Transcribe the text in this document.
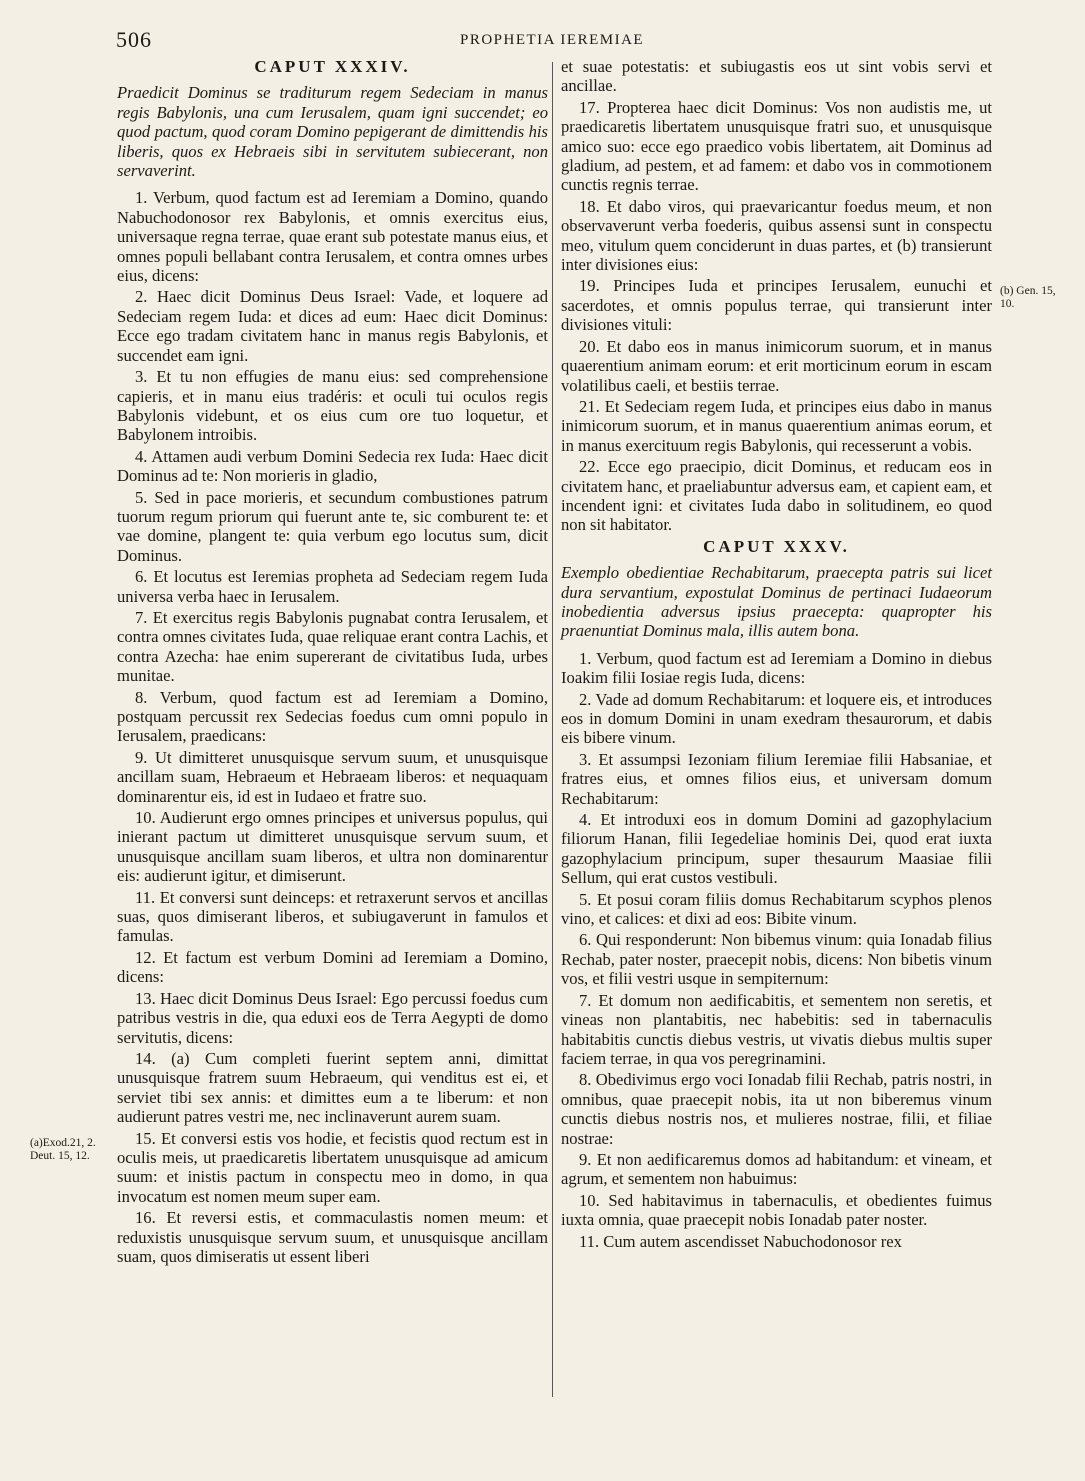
506	PROPHETIA IEREMIAE
CAPUT XXXIV.

Praedicit Dominus se traditurum regem Sedeciam in manus regis Babylonis, una cum Ierusalem, quam igni succendet; eo quod pactum, quod coram Domino pepigerant de dimittendis his liberis, quos ex Hebraeis sibi in servitutem subiecerant, non servaverint.

1. Verbum, quod factum est ad Ieremiam a Domino, quando Nabuchodonosor rex Babylonis, et omnis exercitus eius, universaque regna terrae, quae erant sub potestate manus eius, et omnes populi bellabant contra Ierusalem, et contra omnes urbes eius, dicens:

2. Haec dicit Dominus Deus Israel: Vade, et loquere ad Sedeciam regem Iuda: et dices ad eum: Haec dicit Dominus: Ecce ego tradam civitatem hanc in manus regis Babylonis, et succendet eam igni.

3. Et tu non effugies de manu eius: sed comprehensione capieris, et in manu eius tradéris: et oculi tui oculos regis Babylonis videbunt, et os eius cum ore tuo loquetur, et Babylonem introibis.

4. Attamen audi verbum Domini Sedecia rex Iuda: Haec dicit Dominus ad te: Non morieris in gladio,

5. Sed in pace morieris, et secundum combustiones patrum tuorum regum priorum qui fuerunt ante te, sic comburent te: et vae domine, plangent te: quia verbum ego locutus sum, dicit Dominus.

6. Et locutus est Ieremias propheta ad Sedeciam regem Iuda universa verba haec in Ierusalem.

7. Et exercitus regis Babylonis pugnabat contra Ierusalem, et contra omnes civitates Iuda, quae reliquae erant contra Lachis, et contra Azecha: hae enim supererant de civitatibus Iuda, urbes munitae.

8. Verbum, quod factum est ad Ieremiam a Domino, postquam percussit rex Sedecias foedus cum omni populo in Ierusalem, praedicans:

9. Ut dimitteret unusquisque servum suum, et unusquisque ancillam suam, Hebraeum et Hebraeam liberos: et nequaquam dominarentur eis, id est in Iudaeo et fratre suo.

10. Audierunt ergo omnes principes et universus populus, qui inierant pactum ut dimitteret unusquisque servum suum, et unusquisque ancillam suam liberos, et ultra non dominarentur eis: audierunt igitur, et dimiserunt.

11. Et conversi sunt deinceps: et retraxerunt servos et ancillas suas, quos dimiserant liberos, et subiugaverunt in famulos et famulas.

12. Et factum est verbum Domini ad Ieremiam a Domino, dicens:

13. Haec dicit Dominus Deus Israel: Ego percussi foedus cum patribus vestris in die, qua eduxi eos de Terra Aegypti de domo servitutis, dicens:

14. (a) Cum completi fuerint septem anni, dimittat unusquisque fratrem suum Hebraeum, qui venditus est ei, et serviet tibi sex annis: et dimittes eum a te liberum: et non audierunt patres vestri me, nec inclinaverunt aurem suam.

15. Et conversi estis vos hodie, et fecistis quod rectum est in oculis meis, ut praedicaretis libertatem unusquisque ad amicum suum: et inistis pactum in conspectu meo in domo, in qua invocatum est nomen meum super eam.

16. Et reversi estis, et commaculastis nomen meum: et reduxistis unusquisque servum suum, et unusquisque ancillam suam, quos dimiseratis ut essent liberi

et suae potestatis: et subiugastis eos ut sint vobis servi et ancillae.

17. Propterea haec dicit Dominus: Vos non audistis me, ut praedicaretis libertatem unusquisque fratri suo, et unusquisque amico suo: ecce ego praedico vobis libertatem, ait Dominus ad gladium, ad pestem, et ad famem: et dabo vos in commotionem cunctis regnis terrae.

18. Et dabo viros, qui praevaricantur foedus meum, et non observaverunt verba foederis, quibus assensi sunt in conspectu meo, vitulum quem conciderunt in duas partes, et (b) transierunt inter divisiones eius:

19. Principes Iuda et principes Ierusalem, eunuchi et sacerdotes, et omnis populus terrae, qui transierunt inter divisiones vituli:

20. Et dabo eos in manus inimicorum suorum, et in manus quaerentium animam eorum: et erit morticinum eorum in escam volatilibus caeli, et bestiis terrae.

21. Et Sedeciam regem Iuda, et principes eius dabo in manus inimicorum suorum, et in manus quaerentium animas eorum, et in manus exercituum regis Babylonis, qui recesserunt a vobis.

22. Ecce ego praecipio, dicit Dominus, et reducam eos in civitatem hanc, et praeliabuntur adversus eam, et capient eam, et incendent igni: et civitates Iuda dabo in solitudinem, eo quod non sit habitator.

CAPUT XXXV.

Exemplo obedientiae Rechabitarum, praecepta patris sui licet dura servantium, expostulat Dominus de pertinaci Iudaeorum inobedientia adversus ipsius praecepta: quapropter his praenuntiat Dominus mala, illis autem bona.

1. Verbum, quod factum est ad Ieremiam a Domino in diebus Ioakim filii Iosiae regis Iuda, dicens:

2. Vade ad domum Rechabitarum: et loquere eis, et introduces eos in domum Domini in unam exedram thesaurorum, et dabis eis bibere vinum.

3. Et assumpsi Iezoniam filium Ieremiae filii Habsaniae, et fratres eius, et omnes filios eius, et universam domum Rechabitarum:

4. Et introduxi eos in domum Domini ad gazophylacium filiorum Hanan, filii Iegedeliae hominis Dei, quod erat iuxta gazophylacium principum, super thesaurum Maasiae filii Sellum, qui erat custos vestibuli.

5. Et posui coram filiis domus Rechabitarum scyphos plenos vino, et calices: et dixi ad eos: Bibite vinum.

6. Qui responderunt: Non bibemus vinum: quia Ionadab filius Rechab, pater noster, praecepit nobis, dicens: Non bibetis vinum vos, et filii vestri usque in sempiternum:

7. Et domum non aedificabitis, et sementem non seretis, et vineas non plantabitis, nec habebitis: sed in tabernaculis habitabitis cunctis diebus vestris, ut vivatis diebus multis super faciem terrae, in qua vos peregrinamini.

8. Obedivimus ergo voci Ionadab filii Rechab, patris nostri, in omnibus, quae praecepit nobis, ita ut non biberemus vinum cunctis diebus nostris nos, et mulieres nostrae, filii, et filiae nostrae:

9. Et non aedificaremus domos ad habitandum: et vineam, et agrum, et sementem non habuimus:

10. Sed habitavimus in tabernaculis, et obedientes fuimus iuxta omnia, quae praecepit nobis Ionadab pater noster.

11. Cum autem ascendisset Nabuchodonosor rex

(a)Exod.21, 2. Deut. 15, 12.
(b) Gen. 15, 10.
